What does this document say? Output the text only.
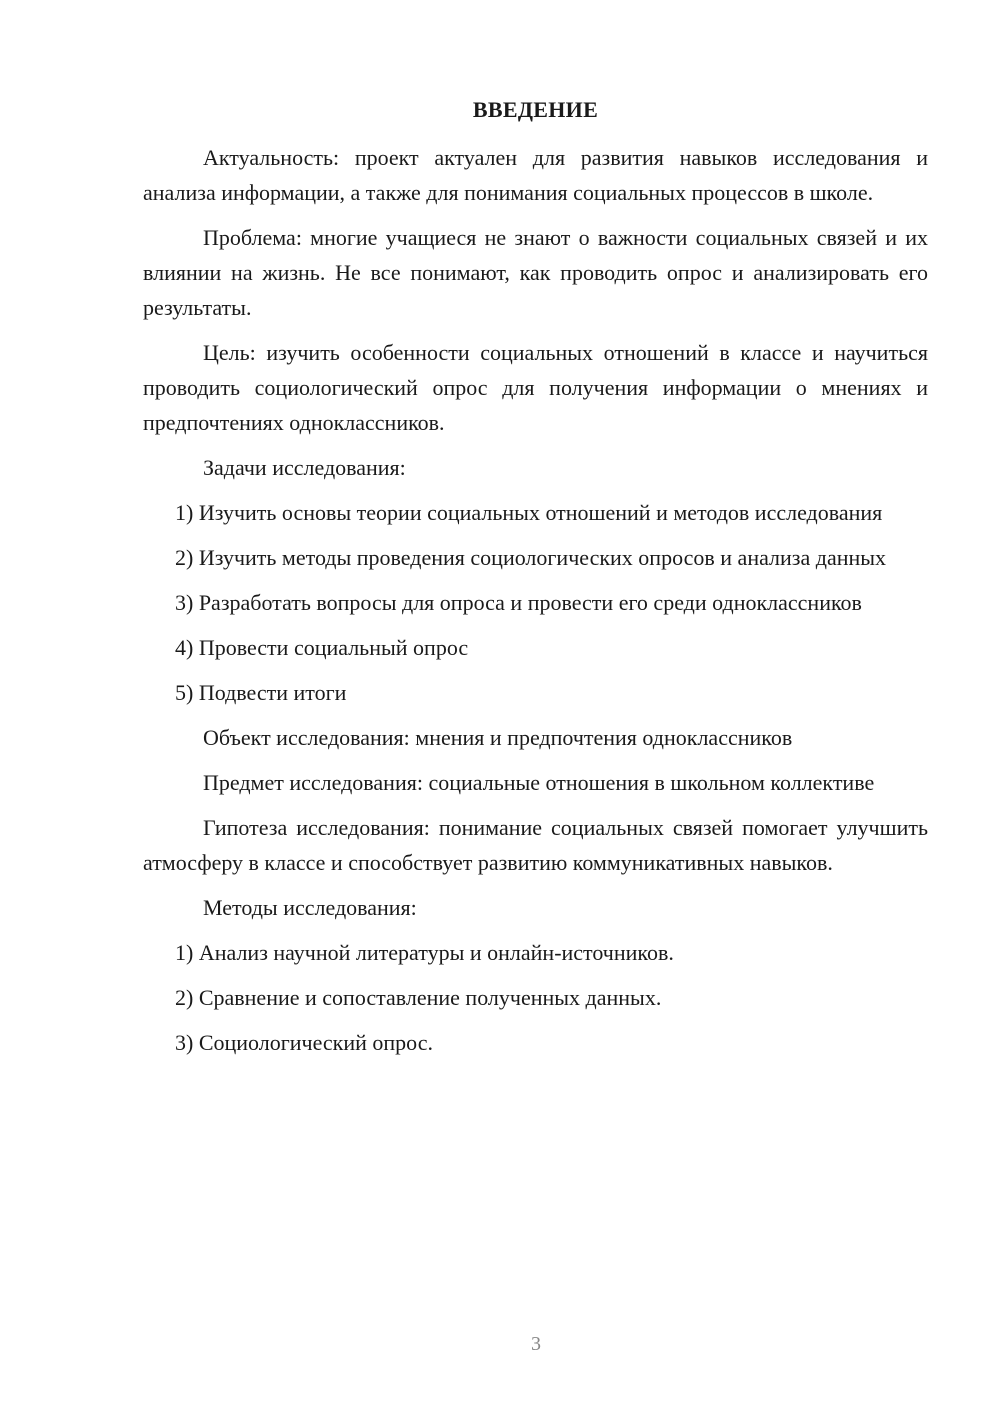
ВВЕДЕНИЕ

Актуальность: проект актуален для развития навыков исследования и анализа информации, а также для понимания социальных процессов в школе.

Проблема: многие учащиеся не знают о важности социальных связей и их влиянии на жизнь. Не все понимают, как проводить опрос и анализировать его результаты.

Цель: изучить особенности социальных отношений в классе и научиться проводить социологический опрос для получения информации о мнениях и предпочтениях одноклассников.

Задачи исследования:

1) Изучить основы теории социальных отношений и методов исследования

2) Изучить методы проведения социологических опросов и анализа данных

3) Разработать вопросы для опроса и провести его среди одноклассников

4) Провести социальный опрос

5) Подвести итоги

Объект исследования: мнения и предпочтения одноклассников

Предмет исследования: социальные отношения в школьном коллективе

Гипотеза исследования: понимание социальных связей помогает улучшить атмосферу в классе и способствует развитию коммуникативных навыков.

Методы исследования:

1) Анализ научной литературы и онлайн-источников.

2) Сравнение и сопоставление полученных данных.

3) Социологический опрос.

3
